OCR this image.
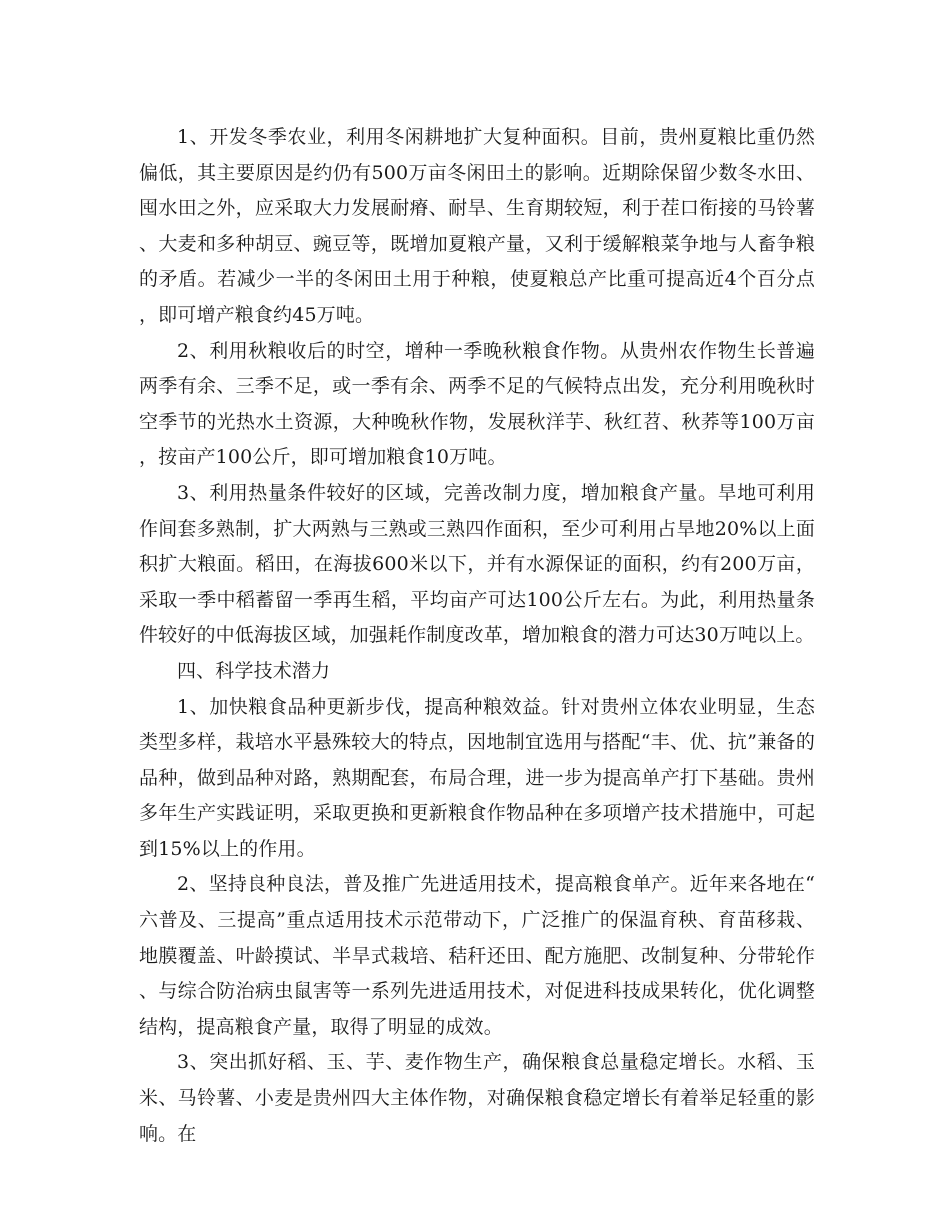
1、开发冬季农业，利用冬闲耕地扩大复种面积。目前，贵州夏粮比重仍然偏低，其主要原因是约仍有500万亩冬闲田土的影响。近期除保留少数冬水田、囤水田之外，应采取大力发展耐瘠、耐旱、生育期较短，利于茬口衔接的马铃薯、大麦和多种胡豆、豌豆等，既增加夏粮产量，又利于缓解粮菜争地与人畜争粮的矛盾。若减少一半的冬闲田土用于种粮，使夏粮总产比重可提高近4个百分点，即可增产粮食约45万吨。

2、利用秋粮收后的时空，增种一季晚秋粮食作物。从贵州农作物生长普遍两季有余、三季不足，或一季有余、两季不足的气候特点出发，充分利用晚秋时空季节的光热水土资源，大种晚秋作物，发展秋洋芋、秋红苕、秋荞等100万亩，按亩产100公斤，即可增加粮食10万吨。

3、利用热量条件较好的区域，完善改制力度，增加粮食产量。旱地可利用作间套多熟制，扩大两熟与三熟或三熟四作面积，至少可利用占旱地20%以上面积扩大粮面。稻田，在海拔600米以下，并有水源保证的面积，约有200万亩，采取一季中稻蓄留一季再生稻，平均亩产可达100公斤左右。为此，利用热量条件较好的中低海拔区域，加强耗作制度改革，增加粮食的潜力可达30万吨以上。

四、科学技术潜力

1、加快粮食品种更新步伐，提高种粮效益。针对贵州立体农业明显，生态类型多样，栽培水平悬殊较大的特点，因地制宜选用与搭配“丰、优、抗”兼备的品种，做到品种对路，熟期配套，布局合理，进一步为提高单产打下基础。贵州多年生产实践证明，采取更换和更新粮食作物品种在多项增产技术措施中，可起到15%以上的作用。

2、坚持良种良法，普及推广先进适用技术，提高粮食单产。近年来各地在“六普及、三提高”重点适用技术示范带动下，广泛推广的保温育秧、育苗移栽、地膜覆盖、叶龄摸试、半旱式栽培、秸秆还田、配方施肥、改制复种、分带轮作、与综合防治病虫鼠害等一系列先进适用技术，对促进科技成果转化，优化调整结构，提高粮食产量，取得了明显的成效。

3、突出抓好稻、玉、芋、麦作物生产，确保粮食总量稳定增长。水稻、玉米、马铃薯、小麦是贵州四大主体作物，对确保粮食稳定增长有着举足轻重的影响。在
